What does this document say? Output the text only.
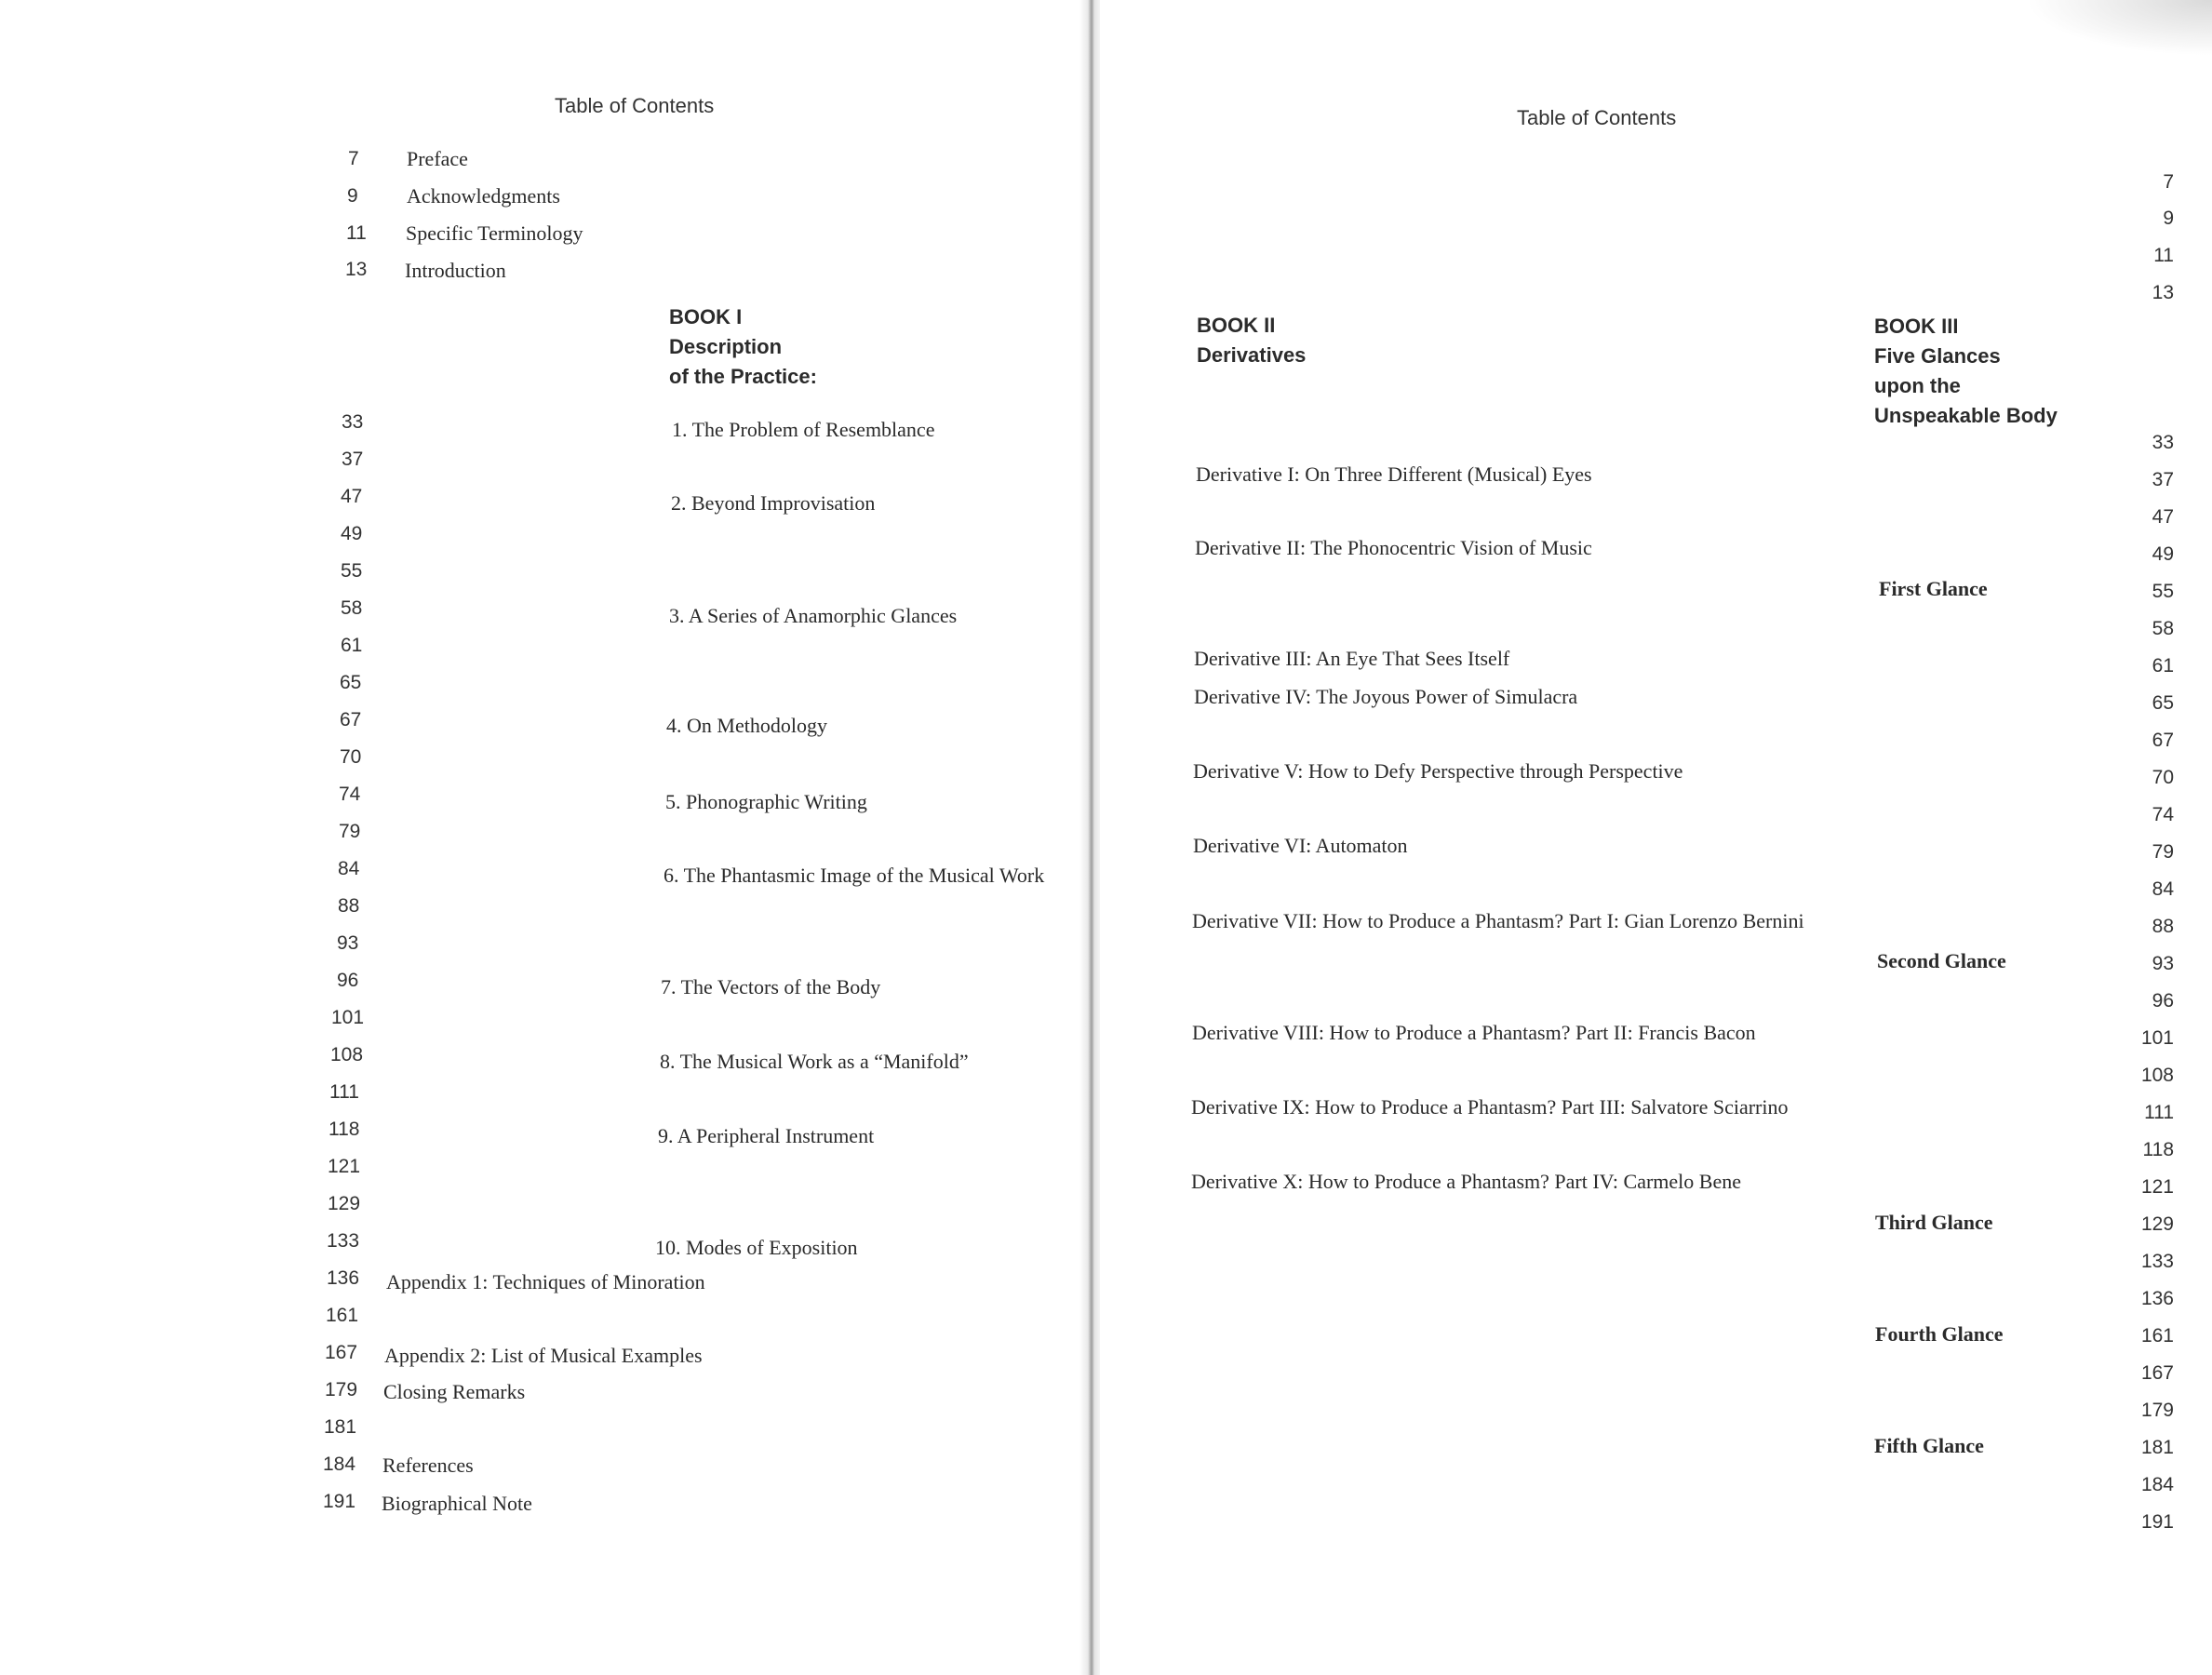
Table of Contents
7
9
11
13
33
37
47
49
55
58
61
65
67
70
74
79
84
88
93
96
101
108
111
118
121
129
133
136
161
167
179
181
184
191
Preface
Acknowledgments
Specific Terminology
Introduction
BOOK I
Description
of the Practice:
1. The Problem of Resemblance
2. Beyond Improvisation
3. A Series of Anamorphic Glances
4. On Methodology
5. Phonographic Writing
6. The Phantasmic Image of the Musical Work
7. The Vectors of the Body
8. The Musical Work as a “Manifold”
9. A Peripheral Instrument
10. Modes of Exposition
Appendix 1: Techniques of Minoration
Appendix 2: List of Musical Examples
Closing Remarks
References
Biographical Note
Table of Contents
BOOK II
Derivatives
Derivative I: On Three Different (Musical) Eyes
Derivative II: The Phonocentric Vision of Music
Derivative III: An Eye That Sees Itself
Derivative IV: The Joyous Power of Simulacra
Derivative V: How to Defy Perspective through Perspective
Derivative VI: Automaton
Derivative VII: How to Produce a Phantasm? Part I: Gian Lorenzo Bernini
Derivative VIII: How to Produce a Phantasm? Part II: Francis Bacon
Derivative IX: How to Produce a Phantasm? Part III: Salvatore Sciarrino
Derivative X: How to Produce a Phantasm? Part IV: Carmelo Bene
BOOK III
Five Glances
upon the
Unspeakable Body
First Glance
Second Glance
Third Glance
Fourth Glance
Fifth Glance
7
9
11
13
33
37
47
49
55
58
61
65
67
70
74
79
84
88
93
96
101
108
111
118
121
129
133
136
161
167
179
181
184
191
